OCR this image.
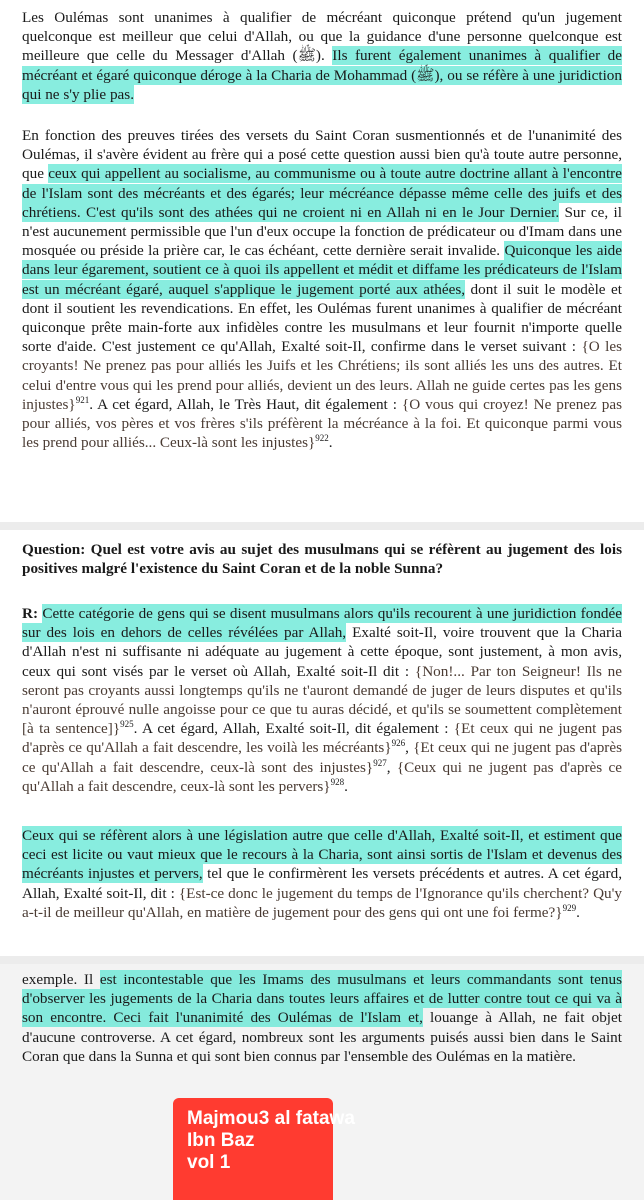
Les Oulémas sont unanimes à qualifier de mécréant quiconque prétend qu'un jugement quelconque est meilleur que celui d'Allah, ou que la guidance d'une personne quelconque est meilleure que celle du Messager d'Allah (ﷺ). Ils furent également unanimes à qualifier de mécréant et égaré quiconque déroge à la Charia de Mohammad (ﷺ), ou se réfère à une juridiction qui ne s'y plie pas.

En fonction des preuves tirées des versets du Saint Coran susmentionnés et de l'unanimité des Oulémas, il s'avère évident au frère qui a posé cette question aussi bien qu'à toute autre personne, que ceux qui appellent au socialisme, au communisme ou à toute autre doctrine allant à l'encontre de l'Islam sont des mécréants et des égarés; leur mécréance dépasse même celle des juifs et des chrétiens. C'est qu'ils sont des athées qui ne croient ni en Allah ni en le Jour Dernier. Sur ce, il n'est aucunement permissible que l'un d'eux occupe la fonction de prédicateur ou d'Imam dans une mosquée ou préside la prière car, le cas échéant, cette dernière serait invalide. Quiconque les aide dans leur égarement, soutient ce à quoi ils appellent et médit et diffame les prédicateurs de l'Islam est un mécréant égaré, auquel s'applique le jugement porté aux athées, dont il suit le modèle et dont il soutient les revendications. En effet, les Oulémas furent unanimes à qualifier de mécréant quiconque prête main-forte aux infidèles contre les musulmans et leur fournit n'importe quelle sorte d'aide. C'est justement ce qu'Allah, Exalté soit-Il, confirme dans le verset suivant : {O les croyants! Ne prenez pas pour alliés les Juifs et les Chrétiens; ils sont alliés les uns des autres. Et celui d'entre vous qui les prend pour alliés, devient un des leurs. Allah ne guide certes pas les gens injustes}$^{921}$. A cet égard, Allah, le Très Haut, dit également : {O vous qui croyez! Ne prenez pas pour alliés, vos pères et vos frères s'ils préfèrent la mécréance à la foi. Et quiconque parmi vous les prend pour alliés... Ceux-là sont les injustes}$^{922}$.

Question: Quel est votre avis au sujet des musulmans qui se réfèrent au jugement des lois positives malgré l'existence du Saint Coran et de la noble Sunna?

R: Cette catégorie de gens qui se disent musulmans alors qu'ils recourent à une juridiction fondée sur des lois en dehors de celles révélées par Allah, Exalté soit-Il, voire trouvent que la Charia d'Allah n'est ni suffisante ni adéquate au jugement à cette époque, sont justement, à mon avis, ceux qui sont visés par le verset où Allah, Exalté soit-Il dit : {Non!... Par ton Seigneur! Ils ne seront pas croyants aussi longtemps qu'ils ne t'auront demandé de juger de leurs disputes et qu'ils n'auront éprouvé nulle angoisse pour ce que tu auras décidé, et qu'ils se soumettent complètement [à ta sentence]}$^{925}$. A cet égard, Allah, Exalté soit-Il, dit également : {Et ceux qui ne jugent pas d'après ce qu'Allah a fait descendre, les voilà les mécréants}$^{926}$, {Et ceux qui ne jugent pas d'après ce qu'Allah a fait descendre, ceux-là sont des injustes}$^{927}$, {Ceux qui ne jugent pas d'après ce qu'Allah a fait descendre, ceux-là sont les pervers}$^{928}$.

Ceux qui se réfèrent alors à une législation autre que celle d'Allah, Exalté soit-Il, et estiment que ceci est licite ou vaut mieux que le recours à la Charia, sont ainsi sortis de l'Islam et devenus des mécréants injustes et pervers, tel que le confirmèrent les versets précédents et autres. A cet égard, Allah, Exalté soit-Il, dit : {Est-ce donc le jugement du temps de l'Ignorance qu'ils cherchent? Qu'y a-t-il de meilleur qu'Allah, en matière de jugement pour des gens qui ont une foi ferme?}$^{929}$.

exemple. Il est incontestable que les Imams des musulmans et leurs commandants sont tenus d'observer les jugements de la Charia dans toutes leurs affaires et de lutter contre tout ce qui va à son encontre. Ceci fait l'unanimité des Oulémas de l'Islam et, louange à Allah, ne fait objet d'aucune controverse. A cet égard, nombreux sont les arguments puisés aussi bien dans le Saint Coran que dans la Sunna et qui sont bien connus par l'ensemble des Oulémas en la matière.

Majmou3 al fatawa
Ibn Baz
vol 1
